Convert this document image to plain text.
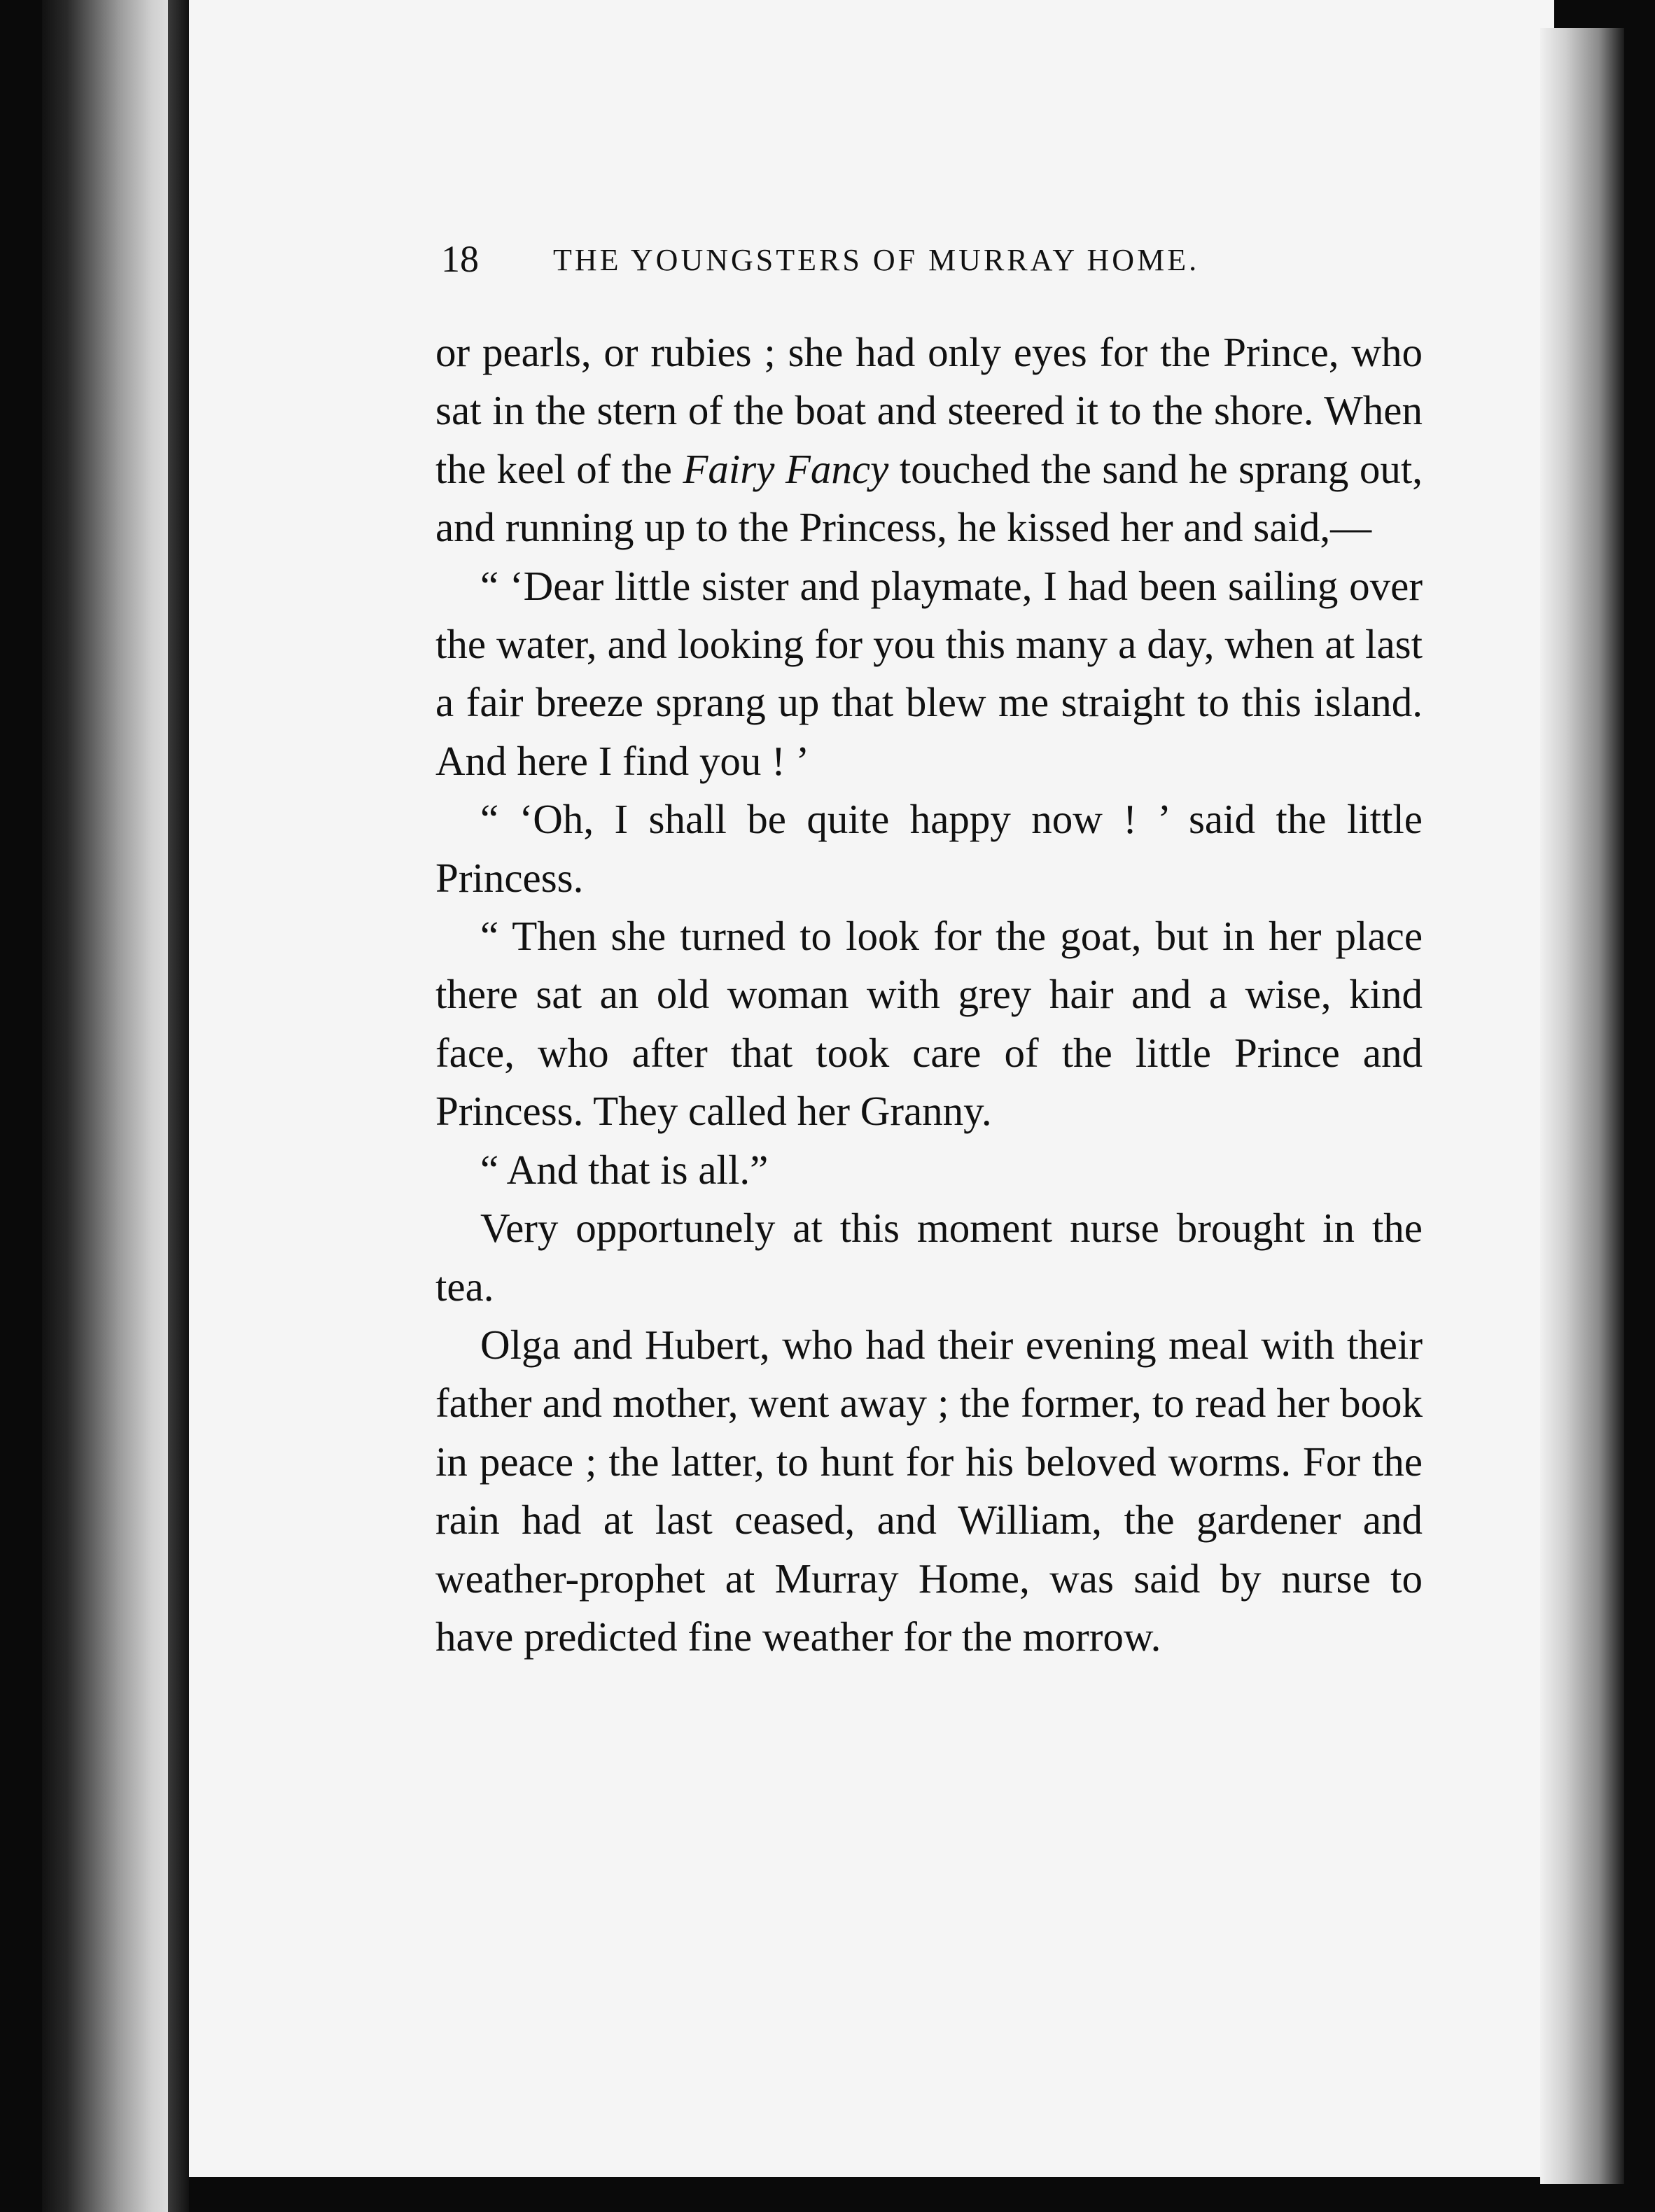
18 THE YOUNGSTERS OF MURRAY HOME.

or pearls, or rubies ; she had only eyes for the Prince, who sat in the stern of the boat and steered it to the shore. When the keel of the Fairy Fancy touched the sand he sprang out, and running up to the Princess, he kissed her and said,—

“ ‘Dear little sister and playmate, I had been sailing over the water, and looking for you this many a day, when at last a fair breeze sprang up that blew me straight to this island. And here I find you ! ’

“ ‘Oh, I shall be quite happy now ! ’ said the little Princess.

“ Then she turned to look for the goat, but in her place there sat an old woman with grey hair and a wise, kind face, who after that took care of the little Prince and Princess. They called her Granny.

“ And that is all.”

Very opportunely at this moment nurse brought in the tea.

Olga and Hubert, who had their evening meal with their father and mother, went away ; the former, to read her book in peace ; the latter, to hunt for his beloved worms. For the rain had at last ceased, and William, the gardener and weather-prophet at Murray Home, was said by nurse to have predicted fine weather for the morrow.
